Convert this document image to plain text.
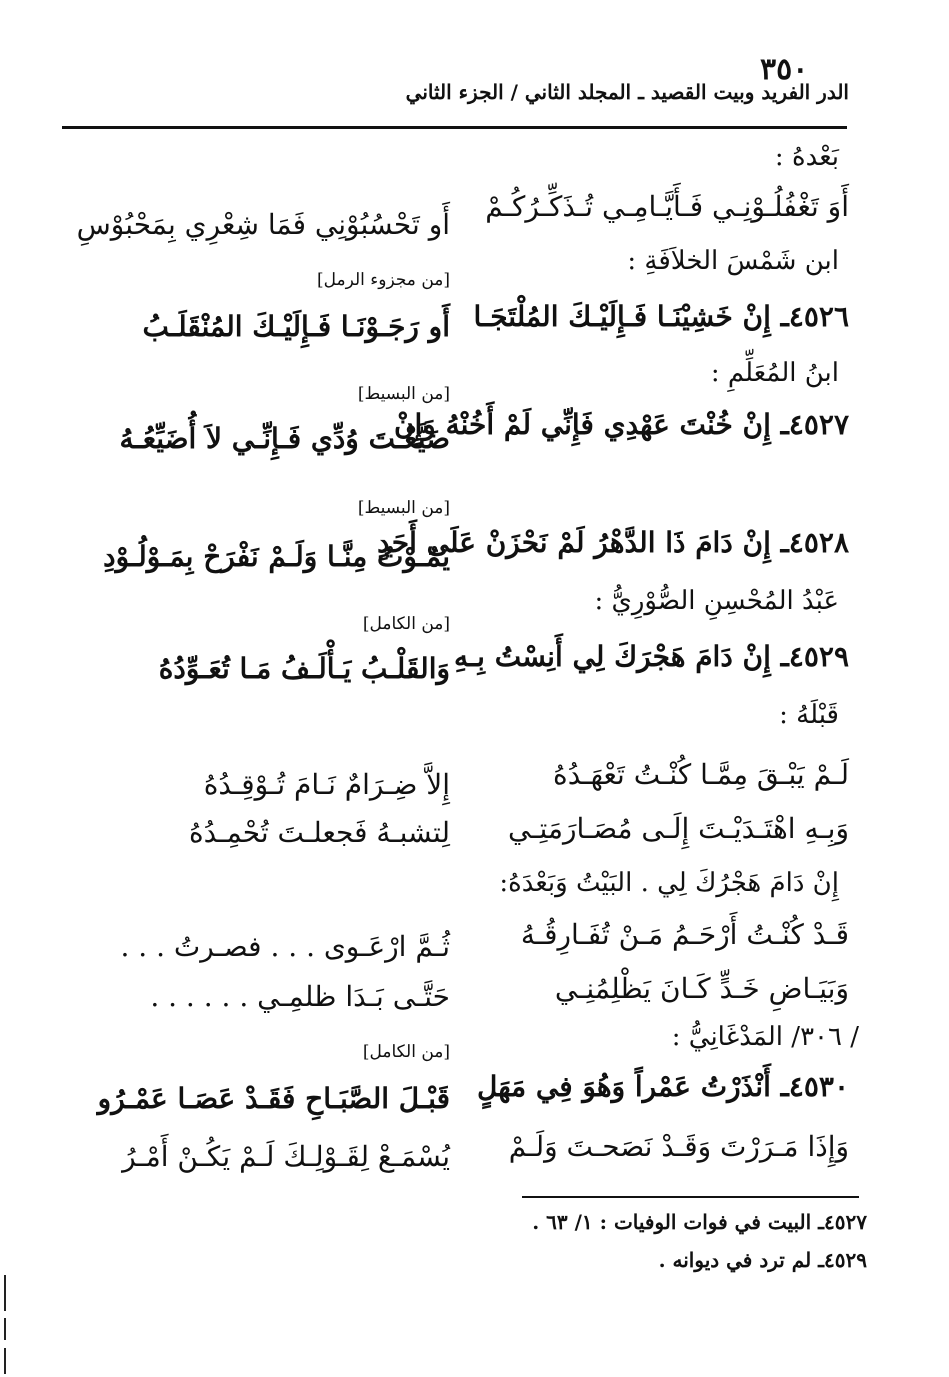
٣٥٠
الدر الفريد وبيت القصيد ـ المجلد الثاني / الجزء الثاني
بَعْدهُ :
أَوَ تَغْفُلُـوْنِـي فَـأَيَّـامِـي تُـذَكِّـرُكُـمْ
أَو تَحْسُبُوْنِي فَمَا شِعْرِي بِمَحْبُوْسِ
ابن شَمْسَ الخلاَفَةِ :
[من مجزوء الرمل]
٤٥٢٦ـ إِنْ خَشِيْنَـا فَـإِلَيْـكَ المُلْتَجَـا
أَو رَجَـوْنَـا فَـإِلَيْـكَ المُنْقَلَـبُ
ابنُ المُعَلِّمِ :
[من البسيط]
٤٥٢٧ـ إِنْ خُنْتَ عَهْدِي فَإِنِّي لَمْ أَخُنْهُ وَإِنْ
ضَيَّعْـتَ وُدِّي فَـإِنِّـي لاَ أُضَيِّعُـهُ
[من البسيط]
٤٥٢٨ـ إِنْ دَامَ ذَا الدَّهْرُ لَمْ نَحْزَنْ عَلَى أَحَدٍ
يَمُـوْتُ مِنَّـا وَلَـمْ نَفْرَحْ بِمَـوْلُـوْدِ
عَبْدُ المُحْسِنِ الصُّوْرِيُّ :
[من الكامل]
٤٥٢٩ـ إِنْ دَامَ هَجْرَكَ لِي أَنِسْتُ بِـهِ
وَالقَلْـبُ يَـأْلَـفُ مَـا تُعَـوِّدُهُ
قَبْلَهُ :
لَـمْ يَبْـقَ مِمَّـا كُنْـتُ تَعْهَـدُهُ
إِلاَّ ضِـرَامٌ نَـامَ تُـوْقِـدُهُ
وَبِـهِ اهْتَـدَيْـتَ إِلَـى مُصَـارَمَتِـي
لِتشبـهُ فَجعلـتَ تُحْمِـدُهُ
إِنْ دَامَ هَجْرُكَ لِي . البَيْتُ وَبَعْدَهُ:
قَـدْ كُنْـتُ أَرْحَـمُ مَـنْ تُفَـارِقُـهُ
ثُـمَّ ارْعَـوى . . . فصـرتُ . . .
وَبَيَـاضِ خَـدٍّ كَـانَ يَظْلِمُنِـي
حَتَّـى بَـدَا ظلمِـي . . . . . .
/ ٣٠٦/ المَدْغَانِيُّ :
[من الكامل]
٤٥٣٠ـ أَنْذَرْتُ عَمْراً وَهُوَ فِي مَهَلٍ
قَبْـلَ الصَّبَـاحِ فَقَـدْ عَصَـا عَمْـرُو
وَإِذَا مَـرَرْتَ وَقَـدْ نَصَحـتَ وَلَـمْ
يُسْمَـعْ لِقَـوْلِـكَ لَـمْ يَكُـنْ أَمْـرُ
٤٥٢٧ـ البيت في فوات الوفيات : ١/ ٦٣ .
٤٥٢٩ـ لم ترد في ديوانه .
